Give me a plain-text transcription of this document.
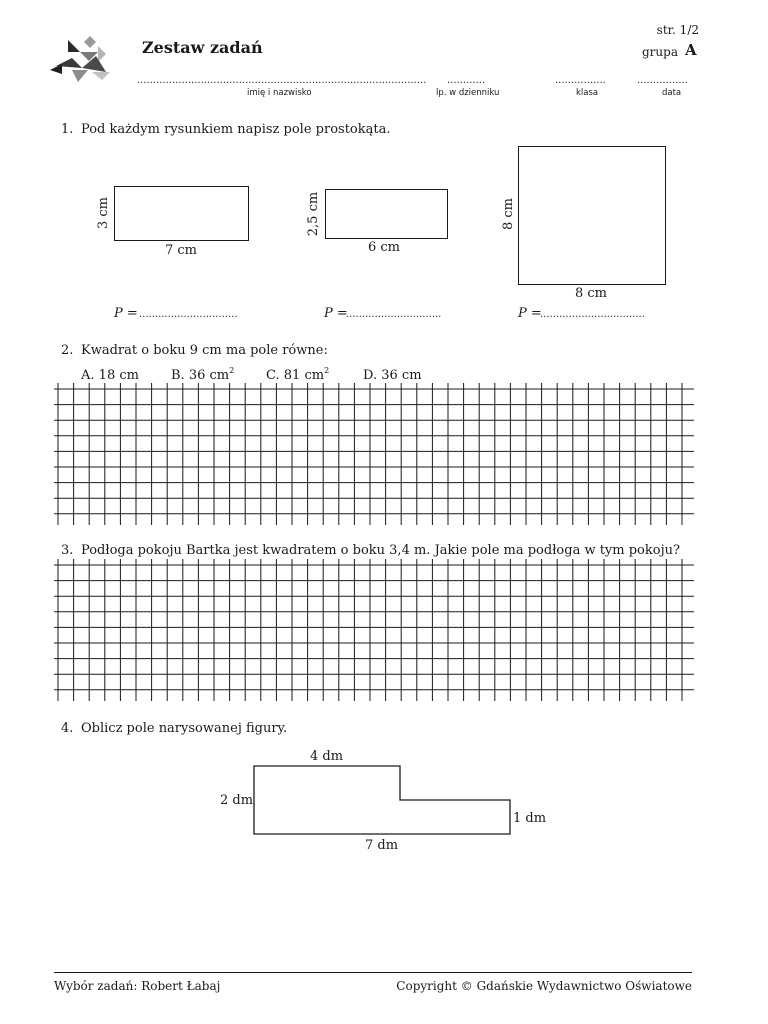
Zestaw zadań
str. 1/2
grupa A
...........................................................................................
imię i nazwisko
............
lp. w dzienniku
................
klasa
................
data
1. Pod każdym rysunkiem napisz pole prostokąta.
3 cm
7 cm
P = ...............................
2,5 cm
6 cm
P =
..............................
8 cm
8 cm
P =
.................................
2. Kwadrat o boku 9 cm ma pole równe:
A. 18 cm B. 36 $cm^2$ C. 81 $cm^2$	D. 36 cm
3. Podłoga pokoju Bartka jest kwadratem o boku 3,4 m. Jakie pole ma podłoga w tym pokoju?
4. Oblicz pole narysowanej figury.
4 dm
2 dm
1 dm
7 dm
Wybór zadań: Robert Łabaj	Copyright © Gdańskie Wydawnictwo Oświatowe
